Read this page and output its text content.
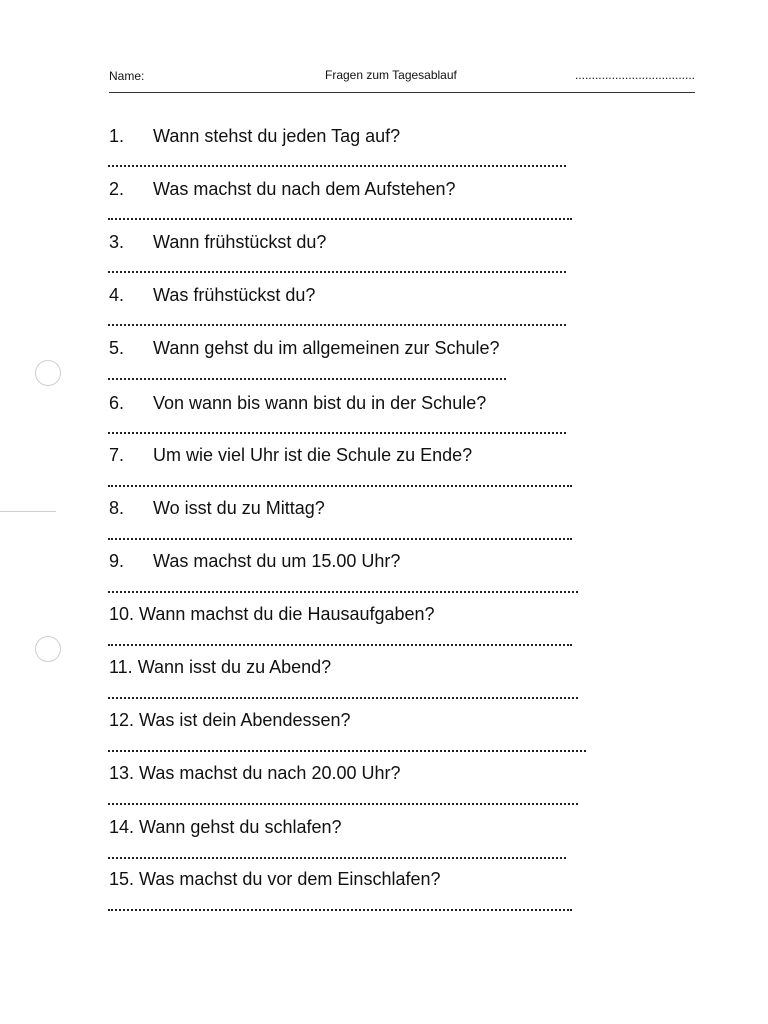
Name:	Fragen zum Tagesablauf	....................................
1. Wann stehst du jeden Tag auf?
2. Was machst du nach dem Aufstehen?
3. Wann frühstückst du?
4. Was frühstückst du?
5. Wann gehst du im allgemeinen zur Schule?
6. Von wann bis wann bist du in der Schule?
7. Um wie viel Uhr ist die Schule zu Ende?
8. Wo isst du zu Mittag?
9. Was machst du um 15.00 Uhr?
10. Wann machst du die Hausaufgaben?
11. Wann isst du zu Abend?
12. Was ist dein Abendessen?
13. Was machst du nach 20.00 Uhr?
14. Wann gehst du schlafen?
15. Was machst du vor dem Einschlafen?
